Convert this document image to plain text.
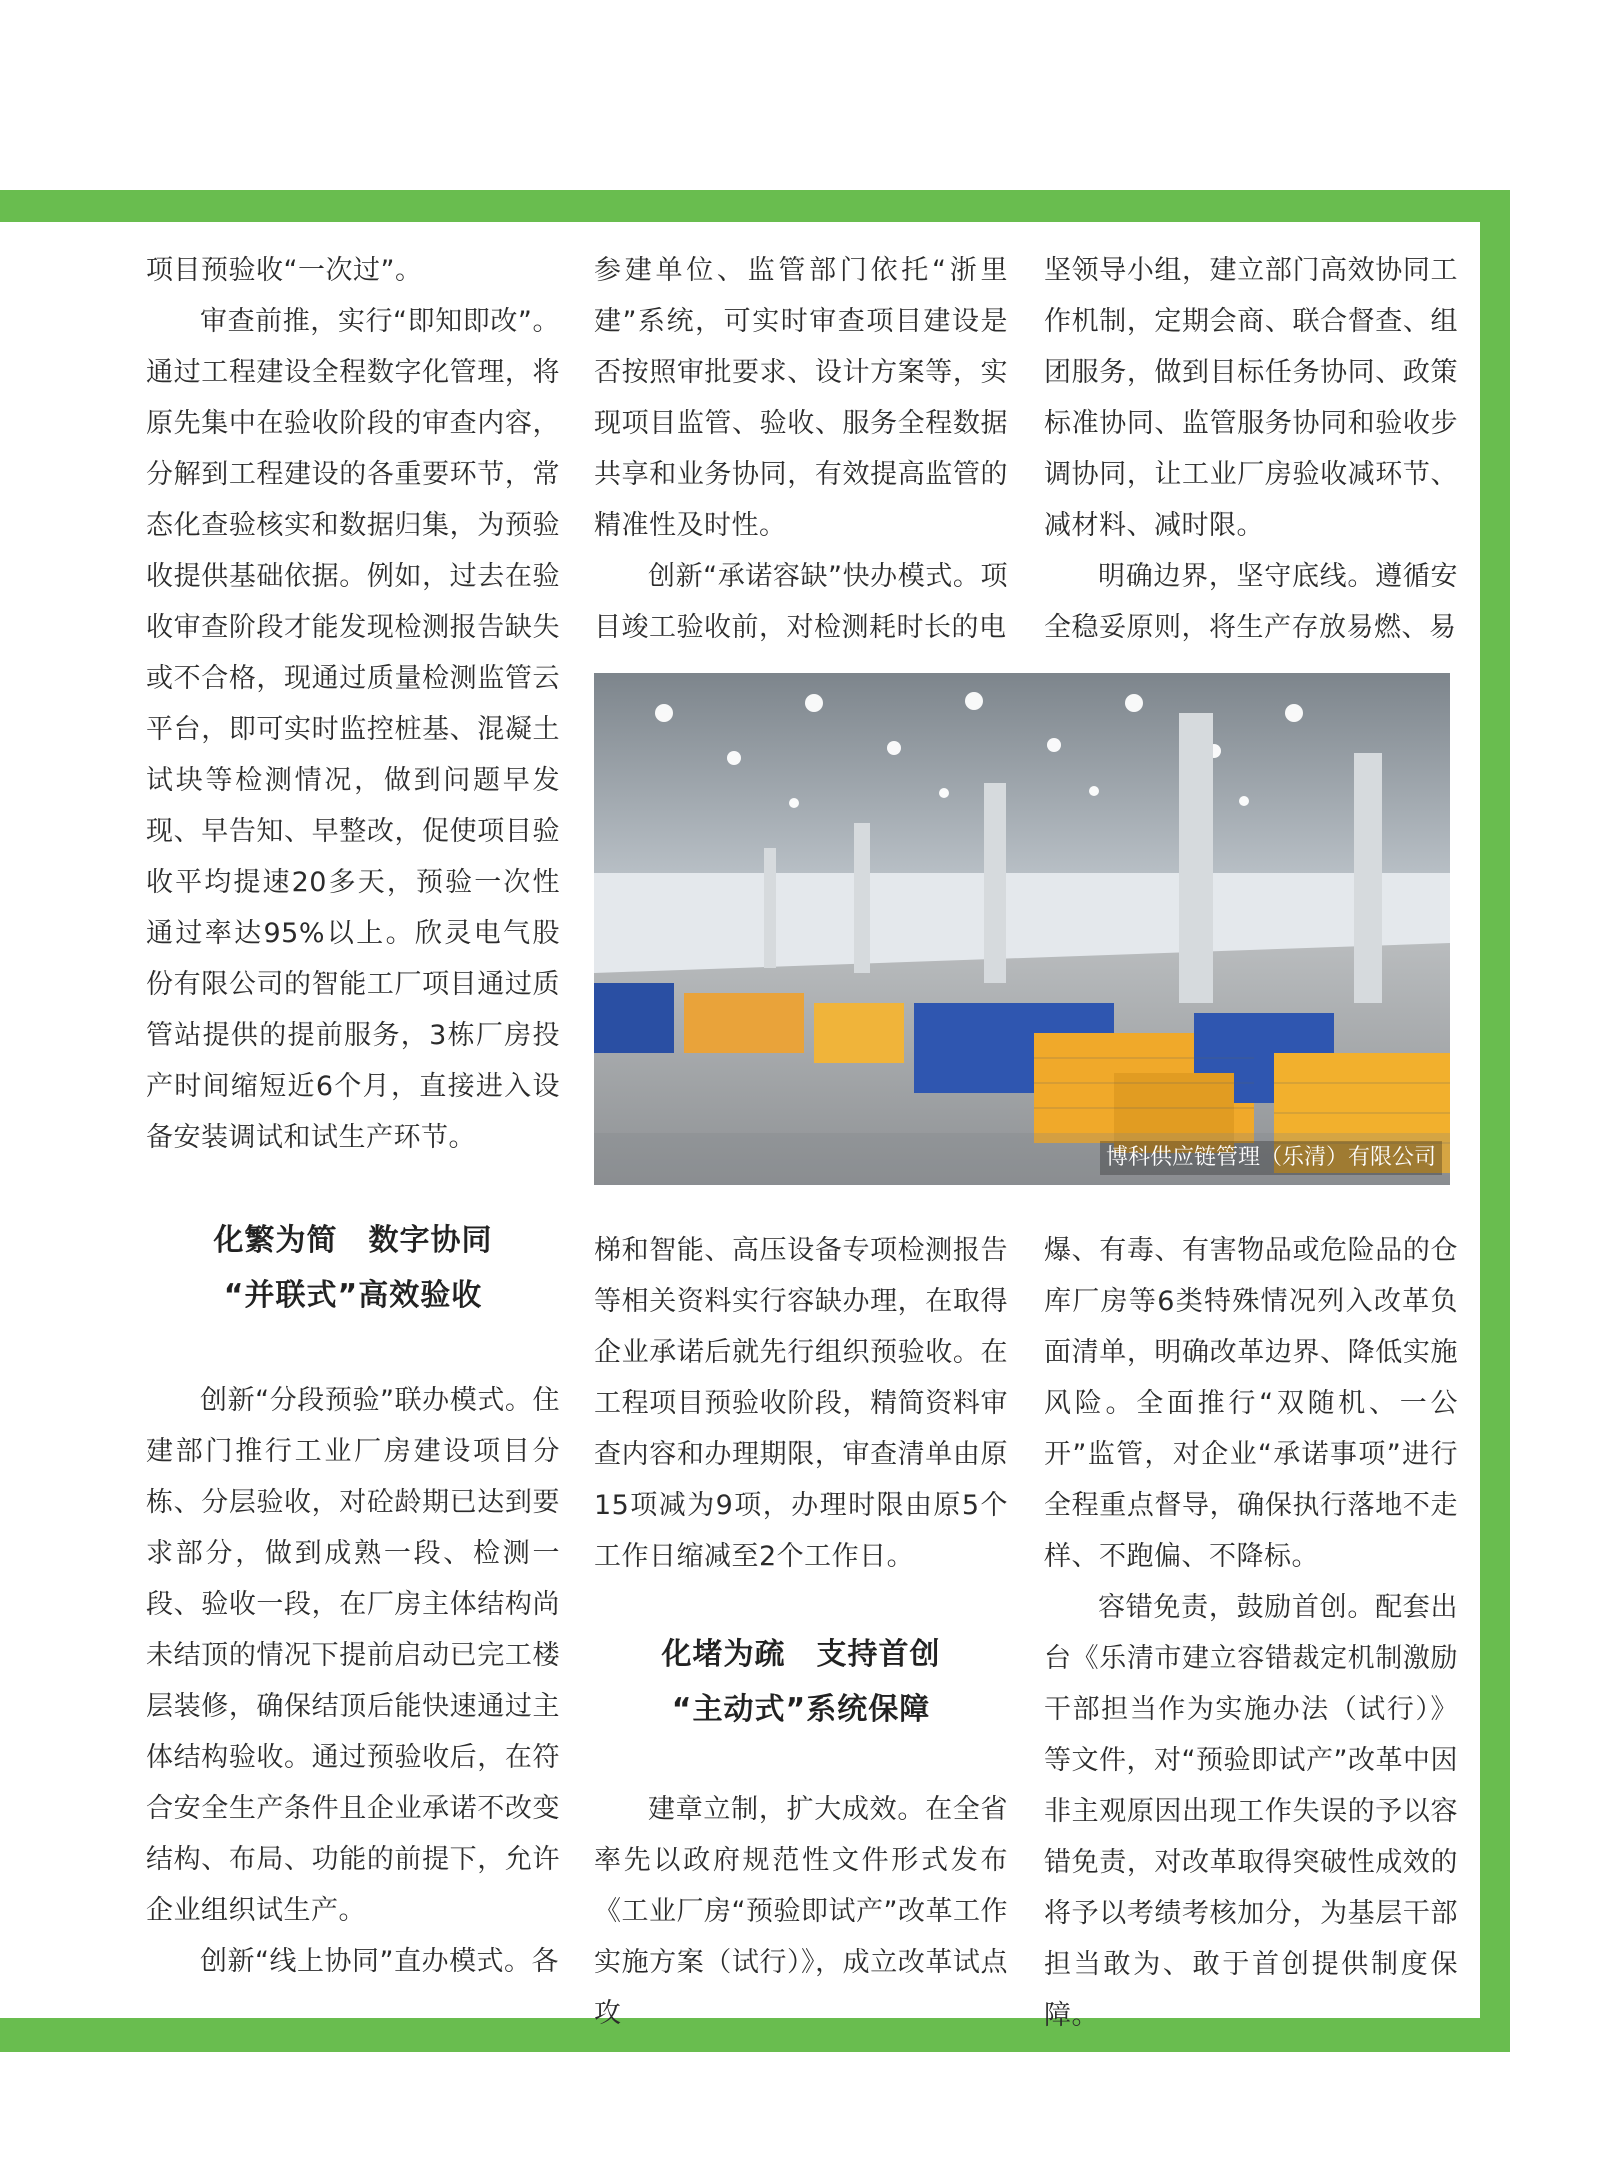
项目预验收“一次过”。

审查前推，实行“即知即改”。通过工程建设全程数字化管理，将原先集中在验收阶段的审查内容，分解到工程建设的各重要环节，常态化查验核实和数据归集，为预验收提供基础依据。例如，过去在验收审查阶段才能发现检测报告缺失或不合格，现通过质量检测监管云平台，即可实时监控桩基、混凝土试块等检测情况，做到问题早发现、早告知、早整改，促使项目验收平均提速20多天，预验一次性通过率达95%以上。欣灵电气股份有限公司的智能工厂项目通过质管站提供的提前服务，3栋厂房投产时间缩短近6个月，直接进入设备安装调试和试生产环节。

化繁为简　数字协同

“并联式”高效验收

创新“分段预验”联办模式。住建部门推行工业厂房建设项目分栋、分层验收，对砼龄期已达到要求部分，做到成熟一段、检测一段、验收一段，在厂房主体结构尚未结顶的情况下提前启动已完工楼层装修，确保结顶后能快速通过主体结构验收。通过预验收后，在符合安全生产条件且企业承诺不改变结构、布局、功能的前提下，允许企业组织试生产。

创新“线上协同”直办模式。各

参建单位、监管部门依托“浙里建”系统，可实时审查项目建设是否按照审批要求、设计方案等，实现项目监管、验收、服务全程数据共享和业务协同，有效提高监管的精准性及时性。

创新“承诺容缺”快办模式。项目竣工验收前，对检测耗时长的电

梯和智能、高压设备专项检测报告等相关资料实行容缺办理，在取得企业承诺后就先行组织预验收。在工程项目预验收阶段，精简资料审查内容和办理期限，审查清单由原15项减为9项，办理时限由原5个工作日缩减至2个工作日。

化堵为疏　支持首创

“主动式”系统保障

建章立制，扩大成效。在全省率先以政府规范性文件形式发布《工业厂房“预验即试产”改革工作实施方案（试行）》，成立改革试点攻

坚领导小组，建立部门高效协同工作机制，定期会商、联合督查、组团服务，做到目标任务协同、政策标准协同、监管服务协同和验收步调协同，让工业厂房验收减环节、减材料、减时限。

明确边界，坚守底线。遵循安全稳妥原则，将生产存放易燃、易

爆、有毒、有害物品或危险品的仓库厂房等6类特殊情况列入改革负面清单，明确改革边界、降低实施风险。全面推行“双随机、一公开”监管，对企业“承诺事项”进行全程重点督导，确保执行落地不走样、不跑偏、不降标。

容错免责，鼓励首创。配套出台《乐清市建立容错裁定机制激励干部担当作为实施办法（试行）》等文件，对“预验即试产”改革中因非主观原因出现工作失误的予以容错免责，对改革取得突破性成效的将予以考绩考核加分，为基层干部担当敢为、敢于首创提供制度保障。

博科供应链管理（乐清）有限公司
